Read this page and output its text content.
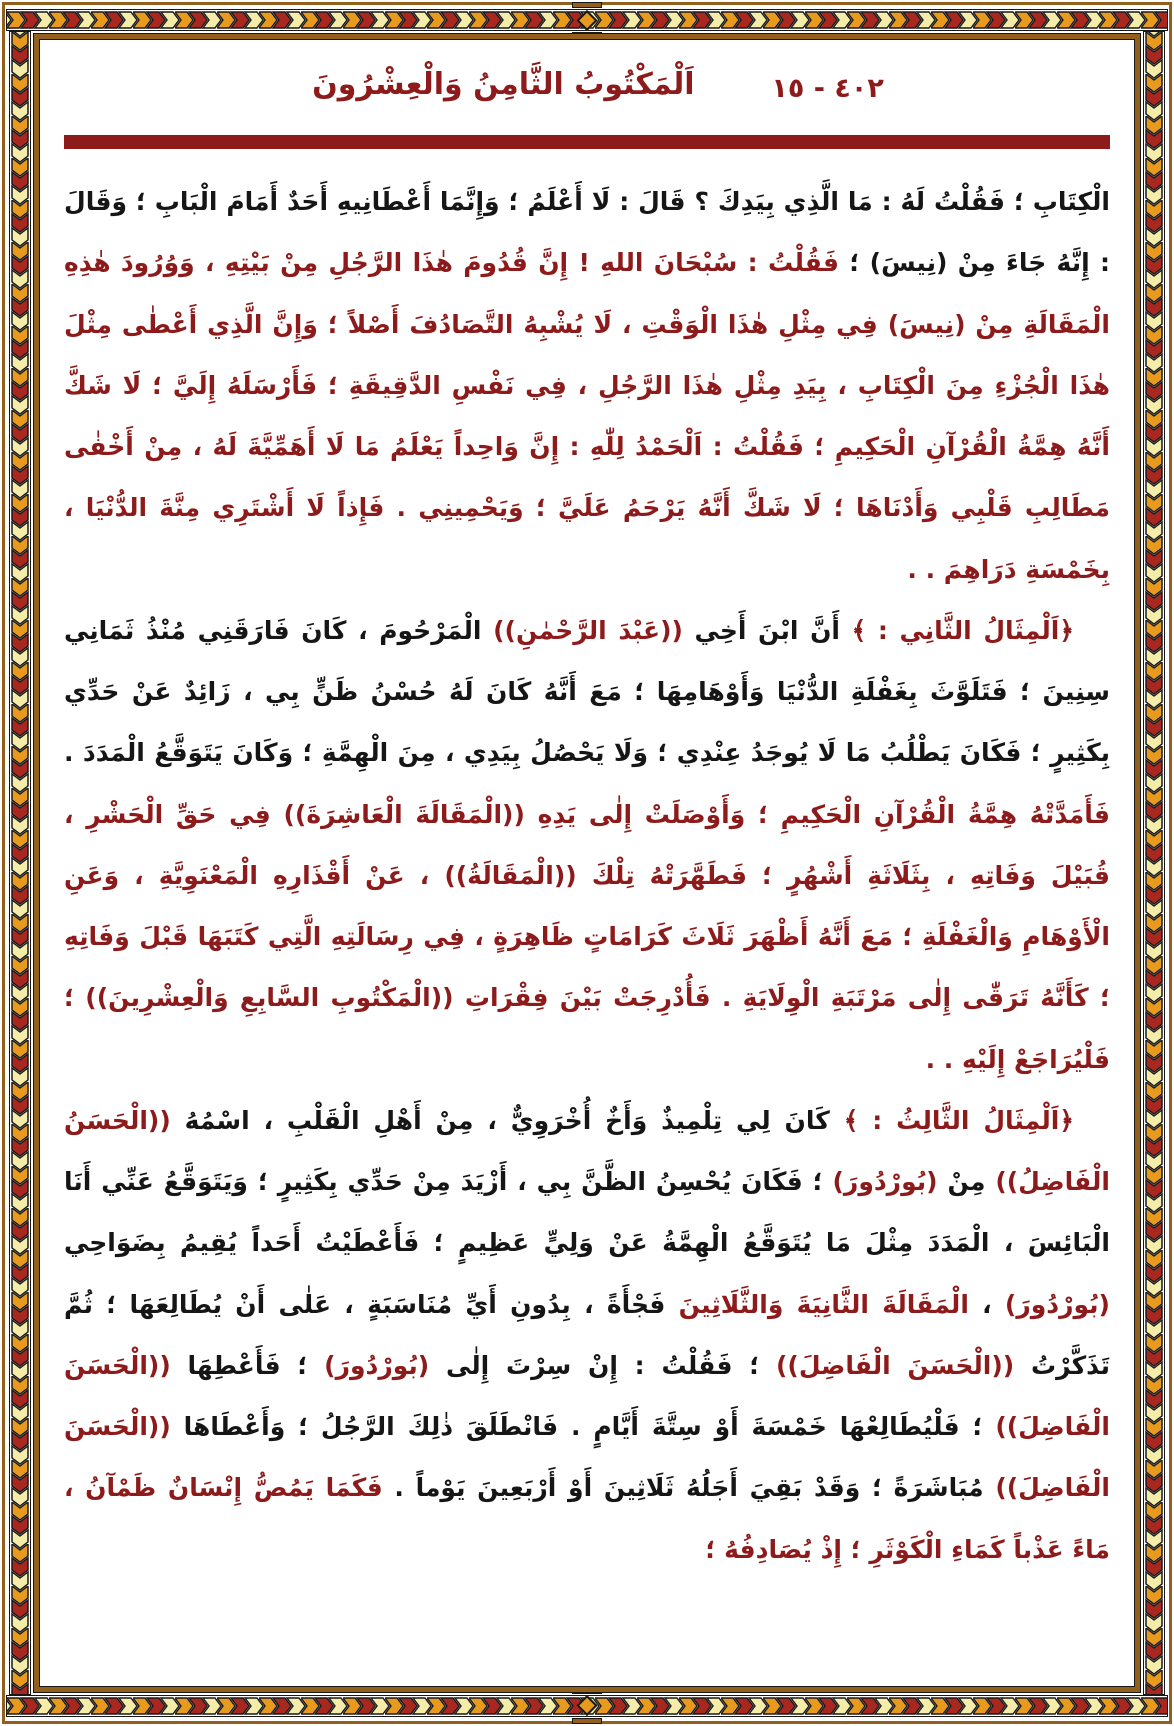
٤٠٢ - ١٥
اَلْمَكْتُوبُ الثَّامِنُ وَالْعِشْرُونَ

الْكِتَابِ ؛ فَقُلْتُ لَهُ : مَا الَّذِي بِيَدِكَ ؟ قَالَ : لَا أَعْلَمُ ؛ وَإِنَّمَا أَعْطَانِيهِ أَحَدٌ أَمَامَ الْبَابِ ؛ وَقَالَ : إِنَّهُ جَاءَ مِنْ (نِيسَ) ؛ فَقُلْتُ : سُبْحَانَ اللهِ ! إِنَّ قُدُومَ هٰذَا الرَّجُلِ مِنْ بَيْتِهِ ، وَوُرُودَ هٰذِهِ الْمَقَالَةِ مِنْ (نِيسَ) فِي مِثْلِ هٰذَا الْوَقْتِ ، لَا يُشْبِهُ التَّصَادُفَ أَصْلاً ؛ وَإِنَّ الَّذِي أَعْطٰى مِثْلَ هٰذَا الْجُزْءِ مِنَ الْكِتَابِ ، بِيَدِ مِثْلِ هٰذَا الرَّجُلِ ، فِي نَفْسِ الدَّقِيقَةِ ؛ فَأَرْسَلَهُ إِلَيَّ ؛ لَا شَكَّ أَنَّهُ هِمَّةُ الْقُرْآنِ الْحَكِيمِ ؛ فَقُلْتُ : اَلْحَمْدُ لِلّٰهِ : إِنَّ وَاحِداً يَعْلَمُ مَا لَا أَهَمِّيَّةَ لَهُ ، مِنْ أَخْفٰى مَطَالِبِ قَلْبِي وَأَدْنَاهَا ؛ لَا شَكَّ أَنَّهُ يَرْحَمُ عَلَيَّ ؛ وَيَحْمِينِي . فَإِذاً لَا أَشْتَرِي مِنَّةَ الدُّنْيَا ، بِخَمْسَةِ دَرَاهِمَ . .

﴿اَلْمِثَالُ الثَّانِي : ﴾ أَنَّ ابْنَ أَخِي ((عَبْدَ الرَّحْمٰنِ)) الْمَرْحُومَ ، كَانَ فَارَقَنِي مُنْذُ ثَمَانِي سِنِينَ ؛ فَتَلَوَّثَ بِغَفْلَةِ الدُّنْيَا وَأَوْهَامِهَا ؛ مَعَ أَنَّهُ كَانَ لَهُ حُسْنُ ظَنٍّ بِي ، زَائِدٌ عَنْ حَدِّي بِكَثِيرٍ ؛ فَكَانَ يَطْلُبُ مَا لَا يُوجَدُ عِنْدِي ؛ وَلَا يَحْصُلُ بِيَدِي ، مِنَ الْهِمَّةِ ؛ وَكَانَ يَتَوَقَّعُ الْمَدَدَ . فَأَمَدَّتْهُ هِمَّةُ الْقُرْآنِ الْحَكِيمِ ؛ وَأَوْصَلَتْ إِلٰى يَدِهِ ((الْمَقَالَةَ الْعَاشِرَةَ)) فِي حَقِّ الْحَشْرِ ، قُبَيْلَ وَفَاتِهِ ، بِثَلَاثَةِ أَشْهُرٍ ؛ فَطَهَّرَتْهُ تِلْكَ ((الْمَقَالَةُ)) ، عَنْ أَقْذَارِهِ الْمَعْنَوِيَّةِ ، وَعَنِ الْأَوْهَامِ وَالْغَفْلَةِ ؛ مَعَ أَنَّهُ أَظْهَرَ ثَلَاثَ كَرَامَاتٍ ظَاهِرَةٍ ، فِي رِسَالَتِهِ الَّتِي كَتَبَهَا قَبْلَ وَفَاتِهِ ؛ كَأَنَّهُ تَرَقّٰى إِلٰى مَرْتَبَةِ الْوِلَايَةِ . فَأُدْرِجَتْ بَيْنَ فِقْرَاتِ ((الْمَكْتُوبِ السَّابِعِ وَالْعِشْرِينَ)) ؛ فَلْيُرَاجَعْ إِلَيْهِ . .

﴿اَلْمِثَالُ الثَّالِثُ : ﴾ كَانَ لِي تِلْمِيذٌ وَأَخٌ أُخْرَوِيٌّ ، مِنْ أَهْلِ الْقَلْبِ ، اسْمُهُ ((الْحَسَنُ الْفَاضِلُ)) مِنْ (بُورْدُورَ) ؛ فَكَانَ يُحْسِنُ الظَّنَّ بِي ، أَزْيَدَ مِنْ حَدِّي بِكَثِيرٍ ؛ وَيَتَوَقَّعُ عَنِّي أَنَا الْبَائِسَ ، الْمَدَدَ مِثْلَ مَا يُتَوَقَّعُ الْهِمَّةُ عَنْ وَلِيٍّ عَظِيمٍ ؛ فَأَعْطَيْتُ أَحَداً يُقِيمُ بِضَوَاحِي (بُورْدُورَ) ، الْمَقَالَةَ الثَّانِيَةَ وَالثَّلَاثِينَ فَجْأَةً ، بِدُونِ أَيِّ مُنَاسَبَةٍ ، عَلٰى أَنْ يُطَالِعَهَا ؛ ثُمَّ تَذَكَّرْتُ ((الْحَسَنَ الْفَاضِلَ)) ؛ فَقُلْتُ : إِنْ سِرْتَ إِلٰى (بُورْدُورَ) ؛ فَأَعْطِهَا ((الْحَسَنَ الْفَاضِلَ)) ؛ فَلْيُطَالِعْهَا خَمْسَةَ أَوْ سِتَّةَ أَيَّامٍ . فَانْطَلَقَ ذٰلِكَ الرَّجُلُ ؛ وَأَعْطَاهَا ((الْحَسَنَ الْفَاضِلَ)) مُبَاشَرَةً ؛ وَقَدْ بَقِيَ أَجَلُهُ ثَلَاثِينَ أَوْ أَرْبَعِينَ يَوْماً . فَكَمَا يَمُصُّ إِنْسَانٌ ظَمْآنُ ، مَاءً عَذْباً كَمَاءِ الْكَوْثَرِ ؛ إِذْ يُصَادِفُهُ ؛
